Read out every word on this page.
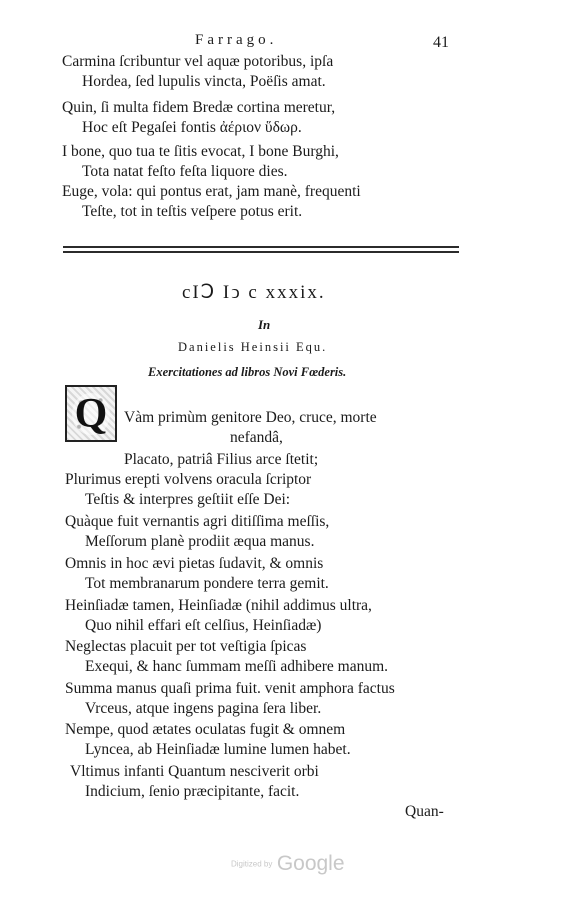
Farrago.	41
Carmina ſcribuntur vel aquæ potoribus, ipſa
Hordea, ſed lupulis vincta, Poëſis amat.
Quin, ſi multa fidem Bredæ cortina meretur,
Hoc eſt Pegaſei fontis ἀέριον ὕδωρ.
I bone, quo tua te ſitis evocat, I bone Burghi,
Tota natat feſto feſta liquore dies.
Euge, vola: qui pontus erat, jam manè, frequenti
Teſte, tot in teſtis veſpere potus erit.
cIↃ Iↄ c xxxix.
In
Danielis Heinsii Equ.
Exercitationes ad libros Novi Fœderis.
Q Vàm primùm genitore Deo, cruce, morte
nefandâ,
Placato, patriâ Filius arce ſtetit;
Plurimus erepti volvens oracula ſcriptor
Teſtis & interpres geſtiit eſſe Dei:
Quàque fuit vernantis agri ditiſſima meſſis,
Meſſorum planè prodiit æqua manus.
Omnis in hoc ævi pietas ſudavit, & omnis
Tot membranarum pondere terra gemit.
Heinſiadæ tamen, Heinſiadæ (nihil addimus ultra,
Quo nihil effari eſt celſius, Heinſiadæ)
Neglectas placuit per tot veſtigia ſpicas
Exequi, & hanc ſummam meſſi adhibere manum.
Summa manus quaſi prima fuit. venit amphora factus
Vrceus, atque ingens pagina ſera liber.
Nempe, quod ætates oculatas fugit & omnem
Lyncea, ab Heinſiadæ lumine lumen habet.
Vltimus infanti Quantum nesciverit orbi
Indicium, ſenio præcipitante, facit.
Quan-
Digitized by Google
